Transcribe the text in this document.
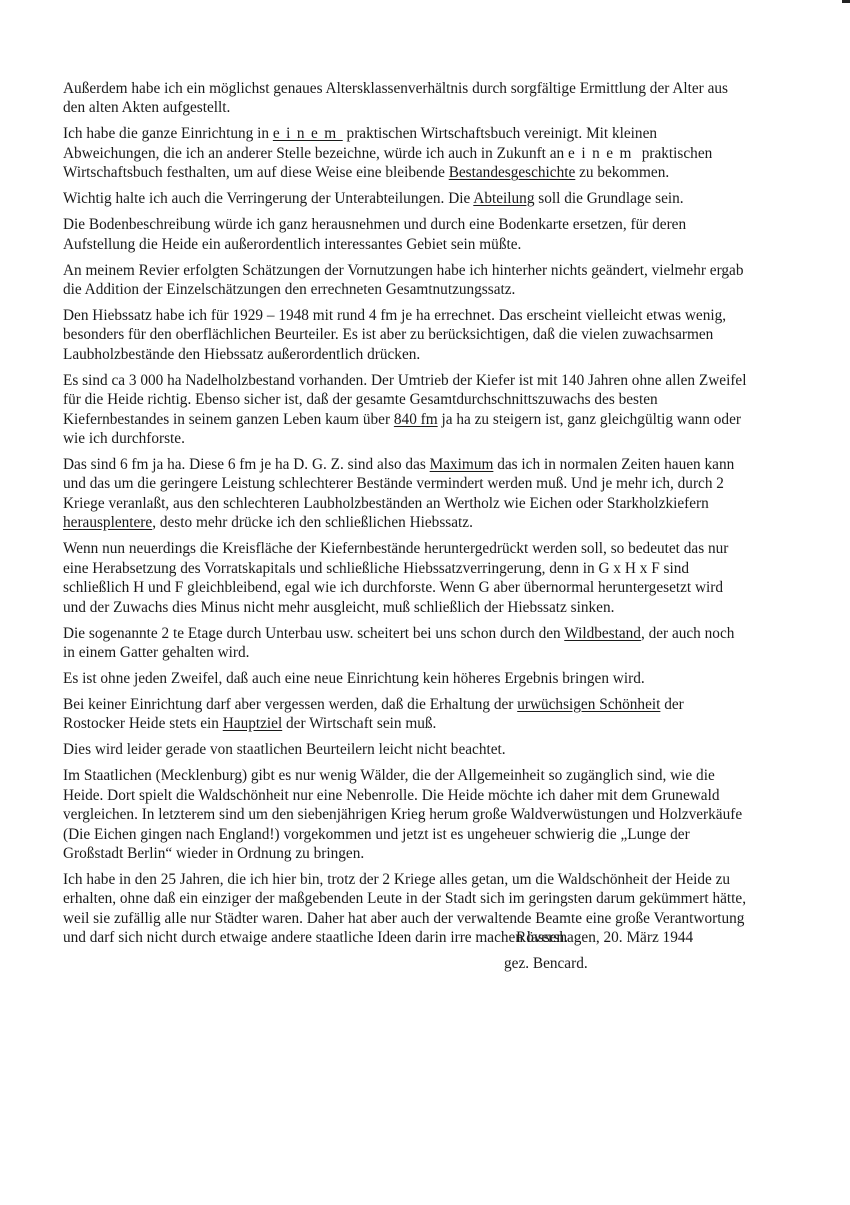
Außerdem habe ich ein möglichst genaues Altersklassenverhältnis durch sorgfältige Ermittlung der Alter aus den alten Akten aufgestellt.

Ich habe die ganze Einrichtung in einem praktischen Wirtschaftsbuch vereinigt. Mit kleinen Abweichungen, die ich an anderer Stelle bezeichne, würde ich auch in Zukunft an einem praktischen Wirtschaftsbuch festhalten, um auf diese Weise eine bleibende Bestandesgeschichte zu bekommen.

Wichtig halte ich auch die Verringerung der Unterabteilungen. Die Abteilung soll die Grundlage sein.

Die Bodenbeschreibung würde ich ganz herausnehmen und durch eine Bodenkarte ersetzen, für deren Aufstellung die Heide ein außerordentlich interessantes Gebiet sein müßte.

An meinem Revier erfolgten Schätzungen der Vornutzungen habe ich hinterher nichts geändert, vielmehr ergab die Addition der Einzelschätzungen den errechneten Gesamtnutzungssatz.

Den Hiebssatz habe ich für 1929 – 1948 mit rund 4 fm je ha errechnet. Das erscheint vielleicht etwas wenig, besonders für den oberflächlichen Beurteiler. Es ist aber zu berücksichtigen, daß die vielen zuwachsarmen Laubholzbestände den Hiebssatz außerordentlich drücken.

Es sind ca 3 000 ha Nadelholzbestand vorhanden. Der Umtrieb der Kiefer ist mit 140 Jahren ohne allen Zweifel für die Heide richtig. Ebenso sicher ist, daß der gesamte Gesamtdurchschnittszuwachs des besten Kiefernbestandes in seinem ganzen Leben kaum über 840 fm ja ha zu steigern ist, ganz gleichgültig wann oder wie ich durchforste.

Das sind 6 fm ja ha. Diese 6 fm je ha D. G. Z. sind also das Maximum das ich in normalen Zeiten hauen kann und das um die geringere Leistung schlechterer Bestände vermindert werden muß. Und je mehr ich, durch 2 Kriege veranlaßt, aus den schlechteren Laubholzbeständen an Wertholz wie Eichen oder Starkholzkiefern herausplentere, desto mehr drücke ich den schließlichen Hiebssatz.

Wenn nun neuerdings die Kreisfläche der Kiefernbestände heruntergedrückt werden soll, so bedeutet das nur eine Herabsetzung des Vorratskapitals und schließliche Hiebssatzverringerung, denn in G x H x F sind schließlich H und F gleichbleibend, egal wie ich durchforste. Wenn G aber übernormal heruntergesetzt wird und der Zuwachs dies Minus nicht mehr ausgleicht, muß schließlich der Hiebssatz sinken.

Die sogenannte 2 te Etage durch Unterbau usw. scheitert bei uns schon durch den Wildbestand, der auch noch in einem Gatter gehalten wird.

Es ist ohne jeden Zweifel, daß auch eine neue Einrichtung kein höheres Ergebnis bringen wird.

Bei keiner Einrichtung darf aber vergessen werden, daß die Erhaltung der urwüchsigen Schönheit der Rostocker Heide stets ein Hauptziel der Wirtschaft sein muß.

Dies wird leider gerade von staatlichen Beurteilern leicht nicht beachtet.

Im Staatlichen (Mecklenburg) gibt es nur wenig Wälder, die der Allgemeinheit so zugänglich sind, wie die Heide. Dort spielt die Waldschönheit nur eine Nebenrolle. Die Heide möchte ich daher mit dem Grunewald vergleichen. In letzterem sind um den siebenjährigen Krieg herum große Waldverwüstungen und Holzverkäufe (Die Eichen gingen nach England!) vorgekommen und jetzt ist es ungeheuer schwierig die „Lunge der Großstadt Berlin“ wieder in Ordnung zu bringen.

Ich habe in den 25 Jahren, die ich hier bin, trotz der 2 Kriege alles getan, um die Waldschönheit der Heide zu erhalten, ohne daß ein einziger der maßgebenden Leute in der Stadt sich im geringsten darum gekümmert hätte, weil sie zufällig alle nur Städter waren. Daher hat aber auch der verwaltende Beamte eine große Verantwortung und darf sich nicht durch etwaige andere staatliche Ideen darin irre machen lassen.

Rövershagen, 20. März 1944
gez. Bencard.
